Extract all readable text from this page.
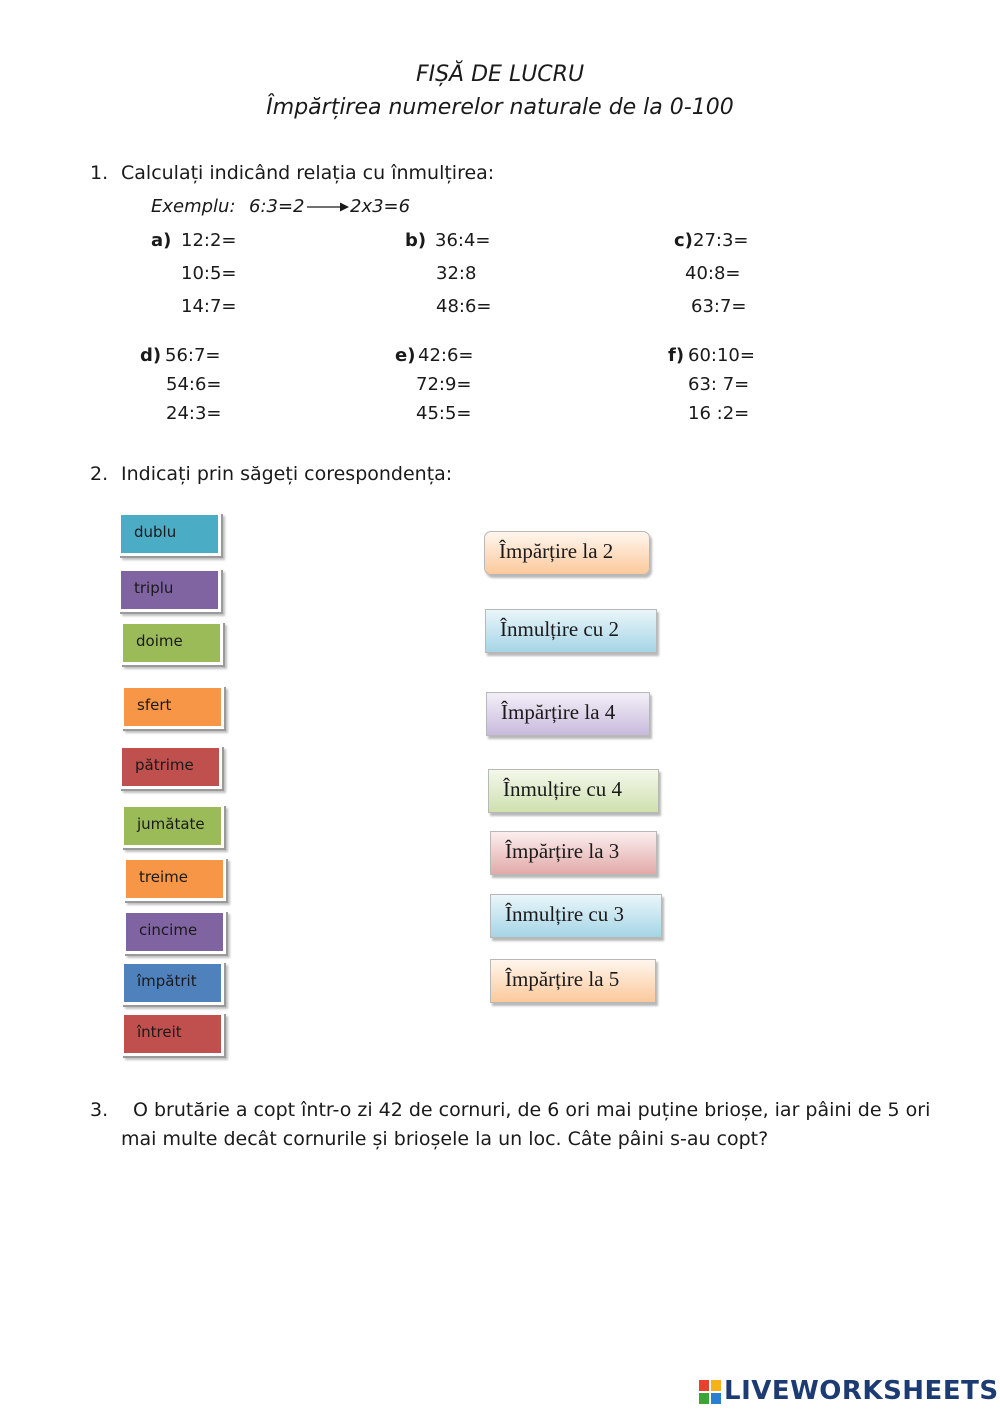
FIȘĂ DE LUCRU
Împărțirea numerelor naturale de la 0-100
1. Calculați indicând relația cu înmulțirea:
Exemplu: 6:3=2	2x3=6
a) 12:2=
10:5=
14:7=
b) 36:4=
32:8
48:6=
c) 27:3=
40:8=
63:7=
d) 56:7=
54:6=
24:3=
e) 42:6=
72:9=
45:5=
f) 60:10=
63: 7=
16 :2=
2. Indicați prin săgeți corespondența:
dublu
triplu
doime
sfert
pătrime
jumătate
treime
cincime
împătrit
întreit
Împărțire la 2
Înmulțire cu 2
Împărțire la 4
Înmulțire cu 4
Împărțire la 3
Înmulțire cu 3
Împărțire la 5
3. O brutărie a copt într-o zi 42 de cornuri, de 6 ori mai puține brioșe, iar pâini de 5 ori
mai multe decât cornurile și brioșele la un loc. Câte pâini s-au copt?
LIVEWORKSHEETS
